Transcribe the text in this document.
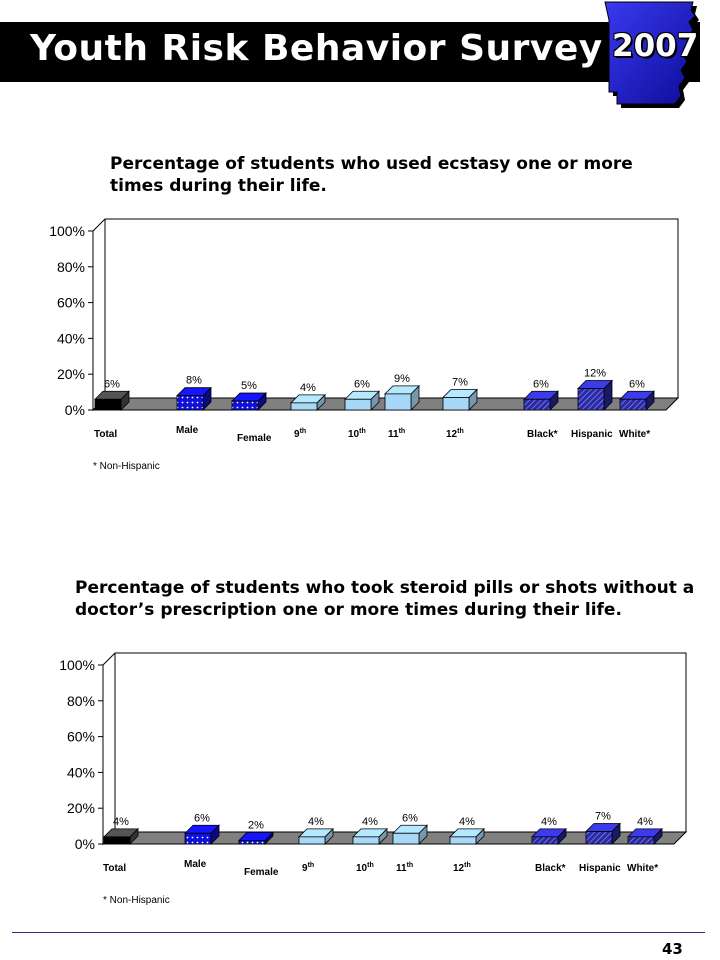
Youth Risk Behavior Survey 2007
Percentage of students who used ecstasy one or more times during their life.
0%
20%
40%
60%
80%
100%
6%	8%	5%	4%	6% 9%	7%	6%
12%
6%
Total	Male
Female 9th	10th 11th	12th	Black* Hispanic White*
* Non-Hispanic
Percentage of students who took steroid pills or shots without a doctor’s prescription one or more times during their life.
0%
20%
40%
60%
80%
100%
4%	6%
2%	4%	4% 6%	4%	4%	7% 4%
Total	Male
Female 9th	10th 11th	12th	Black* Hispanic White*
* Non-Hispanic
43
